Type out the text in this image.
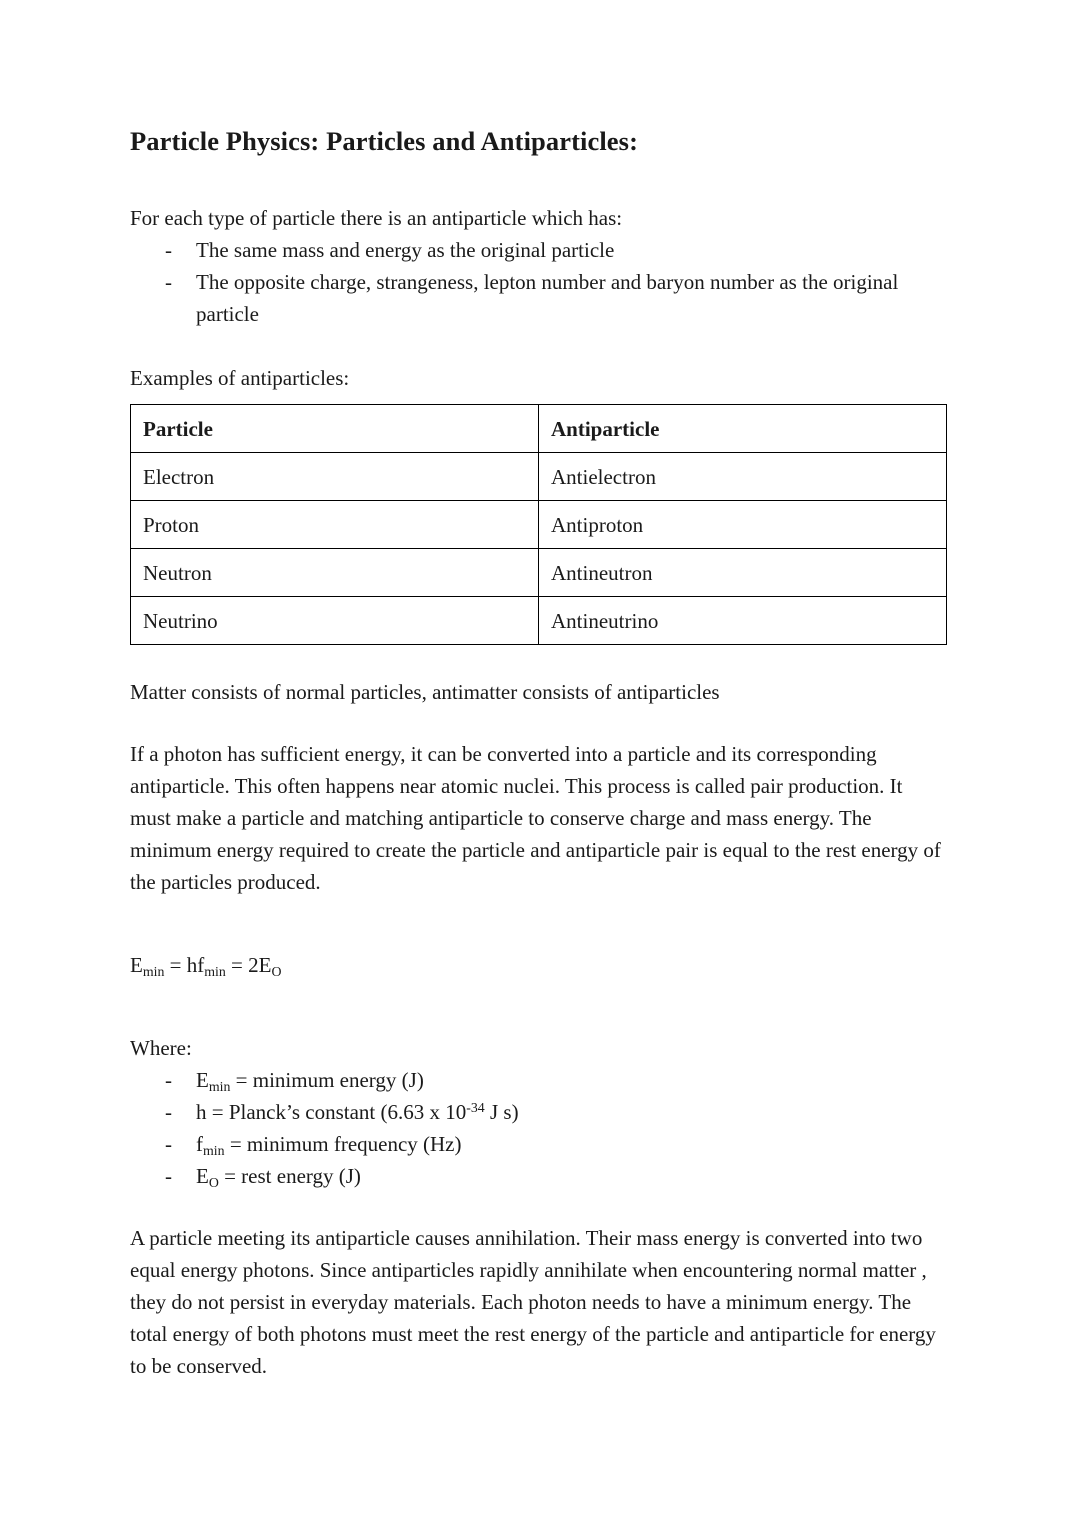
Particle Physics: Particles and Antiparticles:

For each type of particle there is an antiparticle which has:

- The same mass and energy as the original particle
- The opposite charge, strangeness, lepton number and baryon number as the original particle

Examples of antiparticles:

Particle	Antiparticle
Electron	Antielectron
Proton	Antiproton
Neutron	Antineutron
Neutrino	Antineutrino

Matter consists of normal particles, antimatter consists of antiparticles

If a photon has sufficient energy, it can be converted into a particle and its corresponding antiparticle. This often happens near atomic nuclei. This process is called pair production. It must make a particle and matching antiparticle to conserve charge and mass energy. The minimum energy required to create the particle and antiparticle pair is equal to the rest energy of the particles produced.

$E_{min} = hf_{min} = 2E_O$

Where:

- $E_{min}$ = minimum energy (J)
- h = Planck’s constant (6.63 x $10^{-34}$ J s)
- $f_{min}$ = minimum frequency (Hz)
- $E_O$ = rest energy (J)

A particle meeting its antiparticle causes annihilation. Their mass energy is converted into two equal energy photons. Since antiparticles rapidly annihilate when encountering normal matter , they do not persist in everyday materials. Each photon needs to have a minimum energy. The total energy of both photons must meet the rest energy of the particle and antiparticle for energy to be conserved.
